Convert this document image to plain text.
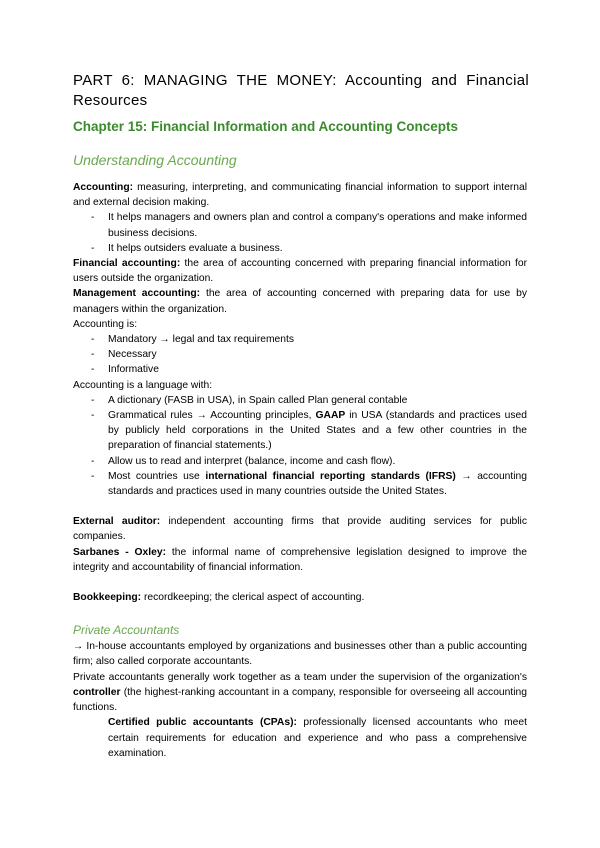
PART 6: MANAGING THE MONEY: Accounting and Financial Resources
Chapter 15: Financial Information and Accounting Concepts
Understanding Accounting

Accounting: measuring, interpreting, and communicating financial information to support internal and external decision making.

- It helps managers and owners plan and control a company's operations and make informed business decisions.
- It helps outsiders evaluate a business.

Financial accounting: the area of accounting concerned with preparing financial information for users outside the organization.

Management accounting: the area of accounting concerned with preparing data for use by managers within the organization.

Accounting is:

- Mandatory → legal and tax requirements
- Necessary
- Informative

Accounting is a language with:

- A dictionary (FASB in USA), in Spain called Plan general contable
- Grammatical rules → Accounting principles, GAAP in USA (standards and practices used by publicly held corporations in the United States and a few other countries in the preparation of financial statements.)
- Allow us to read and interpret (balance, income and cash flow).
- Most countries use international financial reporting standards (IFRS) → accounting standards and practices used in many countries outside the United States.

External auditor: independent accounting firms that provide auditing services for public companies.

Sarbanes - Oxley: the informal name of comprehensive legislation designed to improve the integrity and accountability of financial information.

Bookkeeping: recordkeeping; the clerical aspect of accounting.

Private Accountants

→ In-house accountants employed by organizations and businesses other than a public accounting firm; also called corporate accountants.

Private accountants generally work together as a team under the supervision of the organization's controller (the highest-ranking accountant in a company, responsible for overseeing all accounting functions.

Certified public accountants (CPAs): professionally licensed accountants who meet certain requirements for education and experience and who pass a comprehensive examination.
